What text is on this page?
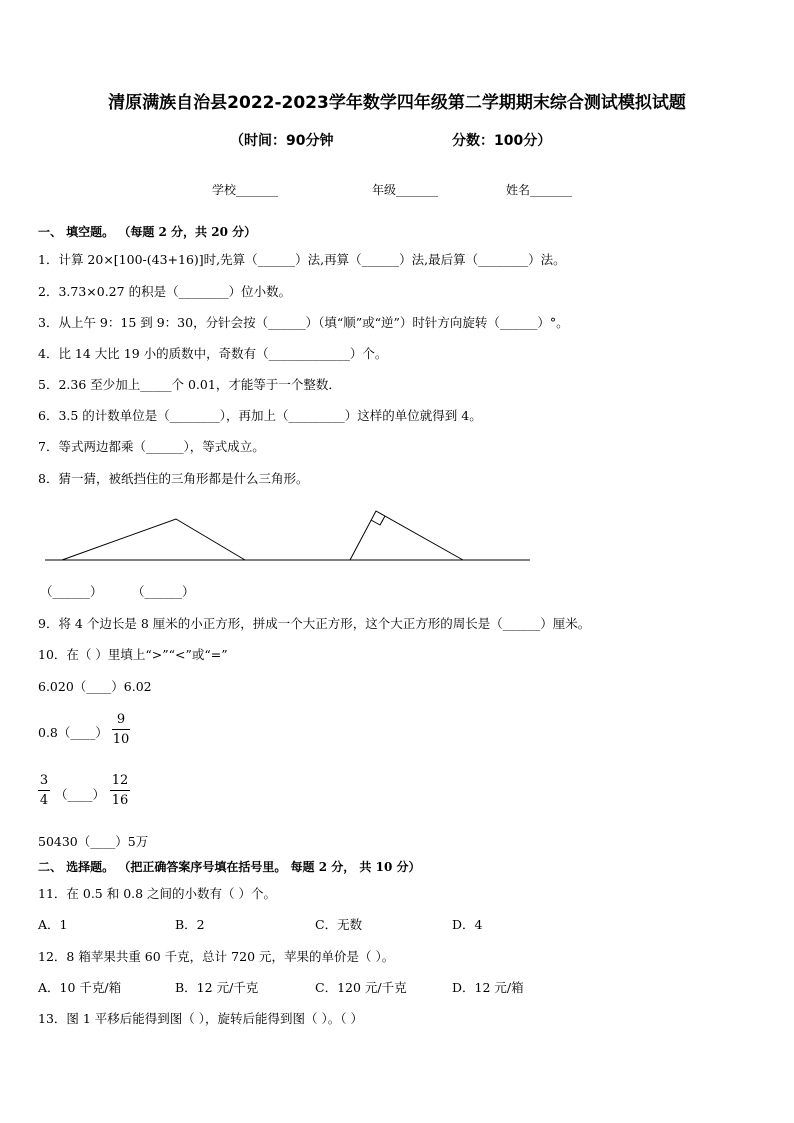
清原满族自治县2022-2023学年数学四年级第二学期期末综合测试模拟试题
（时间：90分钟	分数：100分）
学校_______	年级_______	姓名_______
一、 填空题。 （每题 2 分，共 20 分）
1．计算 20×[100-(43+16)]时,先算（______）法,再算（______）法,最后算（________）法。
2．3.73×0.27 的积是（________）位小数。
3．从上午 9：15 到 9：30，分针会按（______）（填“顺”或“逆”）时针方向旋转（______）°。
4．比 14 大比 19 小的质数中，奇数有（_____________）个。
5．2.36 至少加上_____个 0.01，才能等于一个整数．
6．3.5 的计数单位是（________），再加上（_________）这样的单位就得到 4。
7．等式两边都乘（______），等式成立。
8．猜一猜，被纸挡住的三角形都是什么三角形。
（______） （______）
9．将 4 个边长是 8 厘米的小正方形，拼成一个大正方形，这个大正方形的周长是（______）厘米。
10．在（ ）里填上“>”“<”或“=”
6.020（____）6.02
0.8（____）
9
10
3
4 （____）
12
16
50430（____）5万
二、 选择题。 （把正确答案序号填在括号里。 每题 2 分， 共 10 分）
11．在 0.5 和 0.8 之间的小数有（ ）个。
A．1	B．2	C．无数	D．4
12．8 箱苹果共重 60 千克，总计 720 元，苹果的单价是（ ）。
A．10 千克/箱	B．12 元/千克	C．120 元/千克	D．12 元/箱
13．图 1 平移后能得到图（ ），旋转后能得到图（ ）。（ ）
